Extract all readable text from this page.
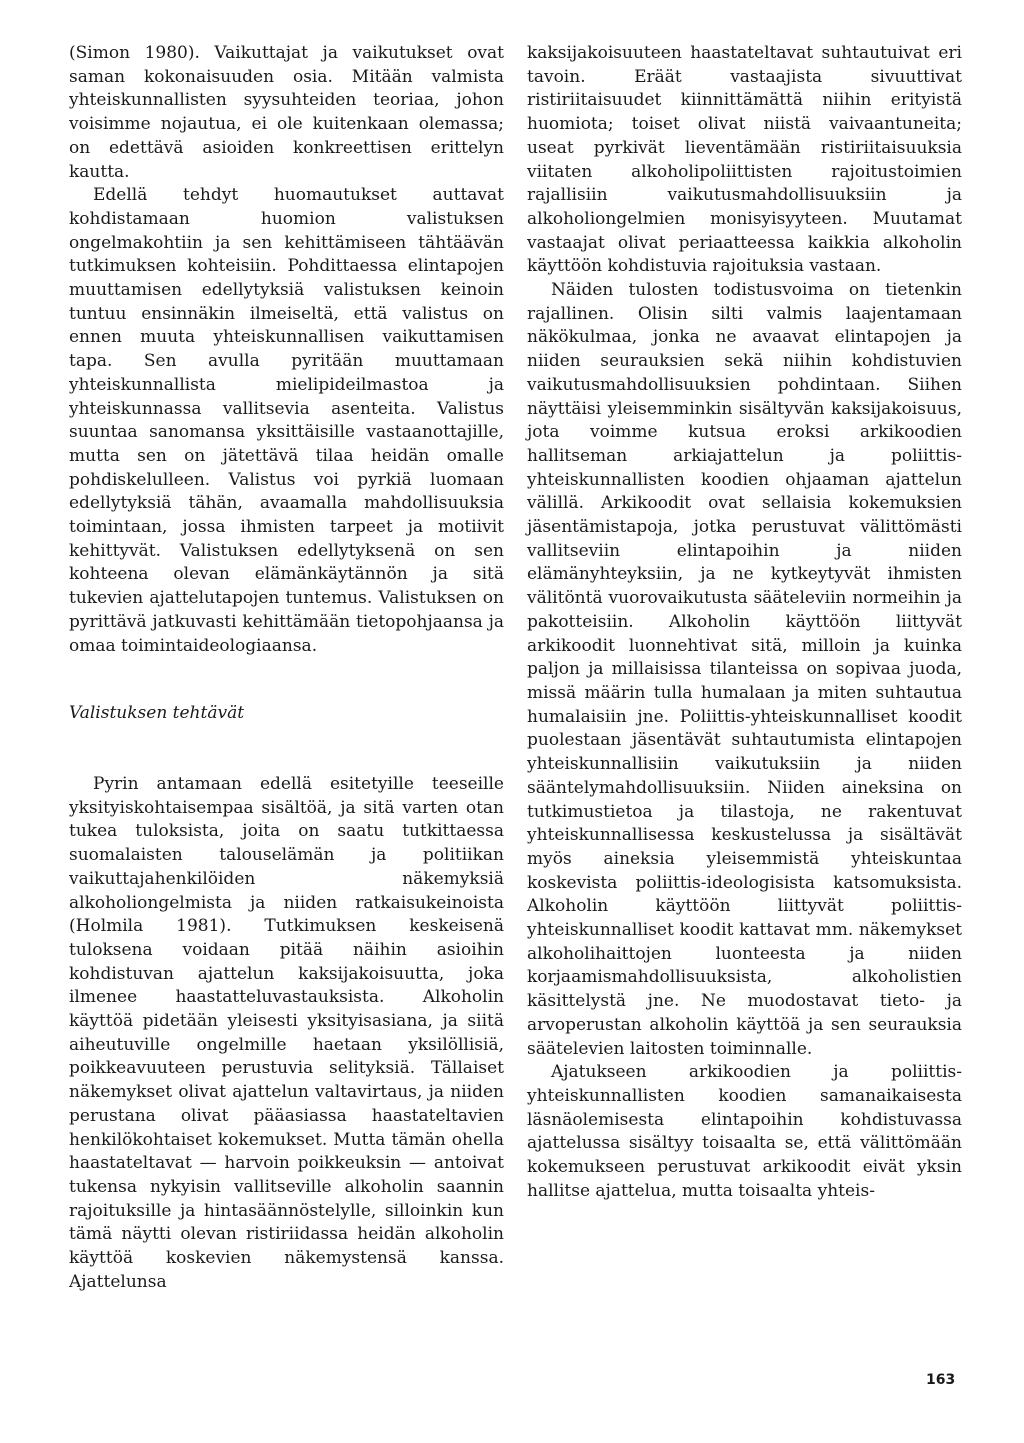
(Simon 1980). Vaikuttajat ja vaikutukset ovat saman kokonaisuuden osia. Mitään valmista yhteiskunnallisten syysuhteiden teoriaa, johon voisimme nojautua, ei ole kuitenkaan olemassa; on edettävä asioiden konkreettisen erittelyn kautta.

Edellä tehdyt huomautukset auttavat kohdistamaan huomion valistuksen ongelmakohtiin ja sen kehittämiseen tähtäävän tutkimuksen kohteisiin. Pohdittaessa elintapojen muuttamisen edellytyksiä valistuksen keinoin tuntuu ensinnäkin ilmeiseltä, että valistus on ennen muuta yhteiskunnallisen vaikuttamisen tapa. Sen avulla pyritään muuttamaan yhteiskunnallista mielipideilmastoa ja yhteiskunnassa vallitsevia asenteita. Valistus suuntaa sanomansa yksittäisille vastaanottajille, mutta sen on jätettävä tilaa heidän omalle pohdiskelulleen. Valistus voi pyrkiä luomaan edellytyksiä tähän, avaamalla mahdollisuuksia toimintaan, jossa ihmisten tarpeet ja motiivit kehittyvät. Valistuksen edellytyksenä on sen kohteena olevan elämänkäytännön ja sitä tukevien ajattelutapojen tuntemus. Valistuksen on pyrittävä jatkuvasti kehittämään tietopohjaansa ja omaa toimintaideologiaansa.

Valistuksen tehtävät

Pyrin antamaan edellä esitetyille teeseille yksityiskohtaisempaa sisältöä, ja sitä varten otan tukea tuloksista, joita on saatu tutkittaessa suomalaisten talouselämän ja politiikan vaikuttajahenkilöiden näkemyksiä alkoholiongelmista ja niiden ratkaisukeinoista (Holmila 1981). Tutkimuksen keskeisenä tuloksena voidaan pitää näihin asioihin kohdistuvan ajattelun kaksijakoisuutta, joka ilmenee haastatteluvastauksista. Alkoholin käyttöä pidetään yleisesti yksityisasiana, ja siitä aiheutuville ongelmille haetaan yksilöllisiä, poikkeavuuteen perustuvia selityksiä. Tällaiset näkemykset olivat ajattelun valtavirtaus, ja niiden perustana olivat pääasiassa haastateltavien henkilökohtaiset kokemukset. Mutta tämän ohella haastateltavat — harvoin poikkeuksin — antoivat tukensa nykyisin vallitseville alkoholin saannin rajoituksille ja hintasäännöstelylle, silloinkin kun tämä näytti olevan ristiriidassa heidän alkoholin käyttöä koskevien näkemystensä kanssa. Ajattelunsa

kaksijakoisuuteen haastateltavat suhtautuivat eri tavoin. Eräät vastaajista sivuuttivat ristiriitaisuudet kiinnittämättä niihin erityistä huomiota; toiset olivat niistä vaivaantuneita; useat pyrkivät lieventämään ristiriitaisuuksia viitaten alkoholipoliittisten rajoitustoimien rajallisiin vaikutusmahdollisuuksiin ja alkoholiongelmien monisyisyyteen. Muutamat vastaajat olivat periaatteessa kaikkia alkoholin käyttöön kohdistuvia rajoituksia vastaan.

Näiden tulosten todistusvoima on tietenkin rajallinen. Olisin silti valmis laajentamaan näkökulmaa, jonka ne avaavat elintapojen ja niiden seurauksien sekä niihin kohdistuvien vaikutusmahdollisuuksien pohdintaan. Siihen näyttäisi yleisemminkin sisältyvän kaksijakoisuus, jota voimme kutsua eroksi arkikoodien hallitseman arkiajattelun ja poliittis-yhteiskunnallisten koodien ohjaaman ajattelun välillä. Arkikoodit ovat sellaisia kokemuksien jäsentämistapoja, jotka perustuvat välittömästi vallitseviin elintapoihin ja niiden elämänyhteyksiin, ja ne kytkeytyvät ihmisten välitöntä vuorovaikutusta sääteleviin normeihin ja pakotteisiin. Alkoholin käyttöön liittyvät arkikoodit luonnehtivat sitä, milloin ja kuinka paljon ja millaisissa tilanteissa on sopivaa juoda, missä määrin tulla humalaan ja miten suhtautua humalaisiin jne. Poliittis-yhteiskunnalliset koodit puolestaan jäsentävät suhtautumista elintapojen yhteiskunnallisiin vaikutuksiin ja niiden sääntelymahdollisuuksiin. Niiden aineksina on tutkimustietoa ja tilastoja, ne rakentuvat yhteiskunnallisessa keskustelussa ja sisältävät myös aineksia yleisemmistä yhteiskuntaa koskevista poliittis-ideologisista katsomuksista. Alkoholin käyttöön liittyvät poliittis-yhteiskunnalliset koodit kattavat mm. näkemykset alkoholihaittojen luonteesta ja niiden korjaamismahdollisuuksista, alkoholistien käsittelystä jne. Ne muodostavat tieto- ja arvoperustan alkoholin käyttöä ja sen seurauksia säätelevien laitosten toiminnalle.

Ajatukseen arkikoodien ja poliittis-yhteiskunnallisten koodien samanaikaisesta läsnäolemisesta elintapoihin kohdistuvassa ajattelussa sisältyy toisaalta se, että välittömään kokemukseen perustuvat arkikoodit eivät yksin hallitse ajattelua, mutta toisaalta yhteis-

163
